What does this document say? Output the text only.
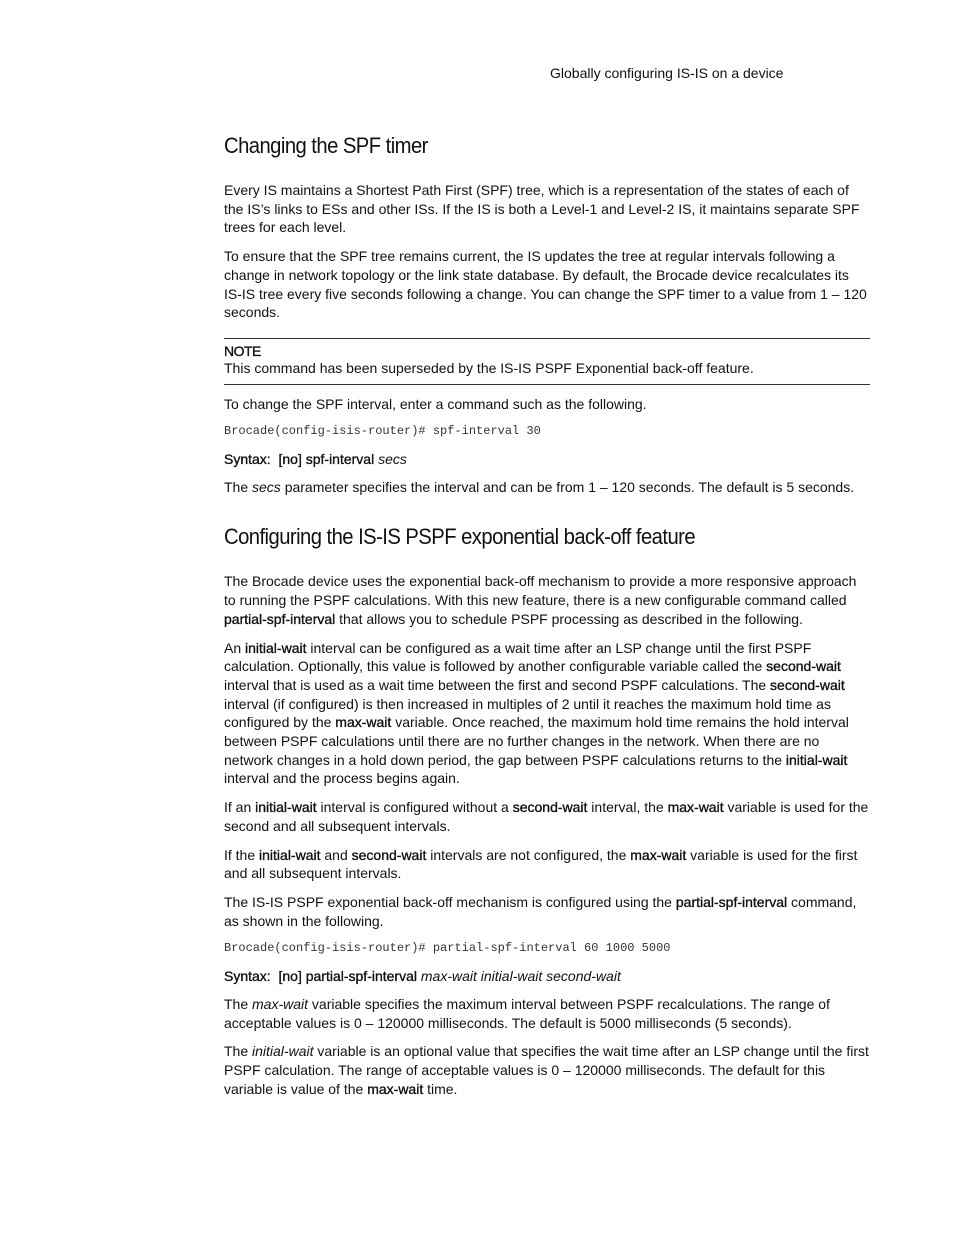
Globally configuring IS-IS on a device
Changing the SPF timer

Every IS maintains a Shortest Path First (SPF) tree, which is a representation of the states of each of the IS’s links to ESs and other ISs. If the IS is both a Level-1 and Level-2 IS, it maintains separate SPF trees for each level.

To ensure that the SPF tree remains current, the IS updates the tree at regular intervals following a change in network topology or the link state database. By default, the Brocade device recalculates its IS-IS tree every five seconds following a change. You can change the SPF timer to a value from 1 – 120 seconds.

NOTE

This command has been superseded by the IS-IS PSPF Exponential back-off feature.

To change the SPF interval, enter a command such as the following.

Brocade(config-isis-router)# spf-interval 30

Syntax: [no] spf-interval secs

The secs parameter specifies the interval and can be from 1 – 120 seconds. The default is 5 seconds.

Configuring the IS-IS PSPF exponential back-off feature

The Brocade device uses the exponential back-off mechanism to provide a more responsive approach to running the PSPF calculations. With this new feature, there is a new configurable command called partial-spf-interval that allows you to schedule PSPF processing as described in the following.

An initial-wait interval can be configured as a wait time after an LSP change until the first PSPF calculation. Optionally, this value is followed by another configurable variable called the second-wait interval that is used as a wait time between the first and second PSPF calculations. The second-wait interval (if configured) is then increased in multiples of 2 until it reaches the maximum hold time as configured by the max-wait variable. Once reached, the maximum hold time remains the hold interval between PSPF calculations until there are no further changes in the network. When there are no network changes in a hold down period, the gap between PSPF calculations returns to the initial-wait interval and the process begins again.

If an initial-wait interval is configured without a second-wait interval, the max-wait variable is used for the second and all subsequent intervals.

If the initial-wait and second-wait intervals are not configured, the max-wait variable is used for the first and all subsequent intervals.

The IS-IS PSPF exponential back-off mechanism is configured using the partial-spf-interval command, as shown in the following.

Brocade(config-isis-router)# partial-spf-interval 60 1000 5000

Syntax: [no] partial-spf-interval max-wait initial-wait second-wait

The max-wait variable specifies the maximum interval between PSPF recalculations. The range of acceptable values is 0 – 120000 milliseconds. The default is 5000 milliseconds (5 seconds).

The initial-wait variable is an optional value that specifies the wait time after an LSP change until the first PSPF calculation. The range of acceptable values is 0 – 120000 milliseconds. The default for this variable is value of the max-wait time.
